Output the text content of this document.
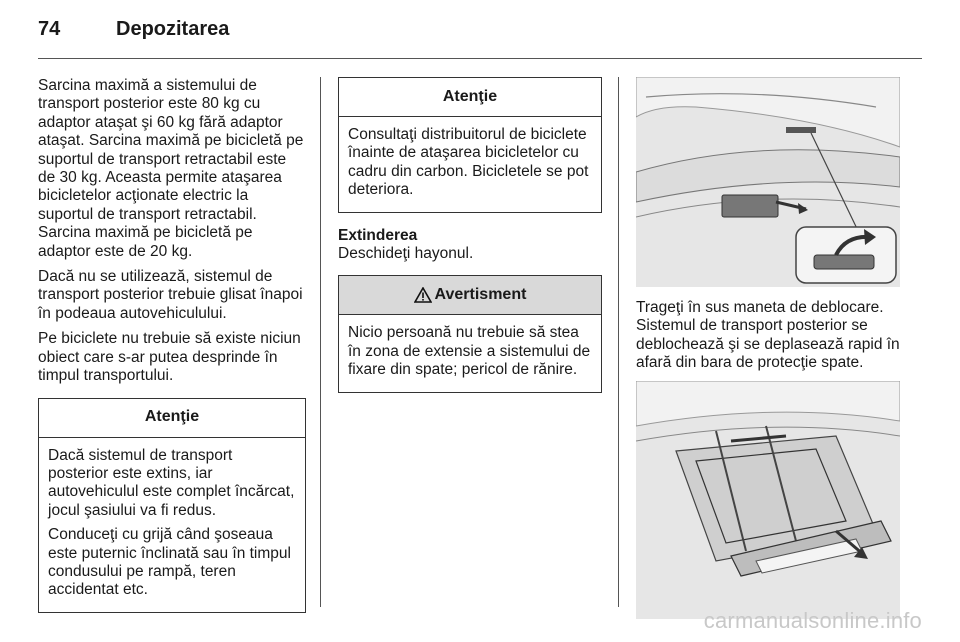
74	Depozitarea

Sarcina maximă a sistemului de transport posterior este 80 kg cu adaptor ataşat şi 60 kg fără adaptor ataşat. Sarcina maximă pe bicicletă pe suportul de transport retractabil este de 30 kg. Aceasta permite ataşarea bicicletelor acţionate electric la suportul de transport retractabil. Sarcina maximă pe bicicletă pe adaptor este de 20 kg.

Dacă nu se utilizează, sistemul de transport posterior trebuie glisat înapoi în podeaua autovehiculului.

Pe biciclete nu trebuie să existe niciun obiect care s-ar putea desprinde în timpul transportului.

Atenţie

Dacă sistemul de transport posterior este extins, iar autovehiculul este complet încărcat, jocul şasiului va fi redus.

Conduceţi cu grijă când şoseaua este puternic înclinată sau în timpul condusului pe rampă, teren accidentat etc.

Atenţie

Consultaţi distribuitorul de biciclete înainte de ataşarea bicicletelor cu cadru din carbon. Bicicletele se pot deteriora.

Extinderea
Deschideţi hayonul.
Avertisment

Nicio persoană nu trebuie să stea în zona de extensie a sistemului de fixare din spate; pericol de rănire.

Trageţi în sus maneta de deblocare. Sistemul de transport posterior se deblochează şi se deplasează rapid în afară din bara de protecţie spate.

carmanualsonline.info
